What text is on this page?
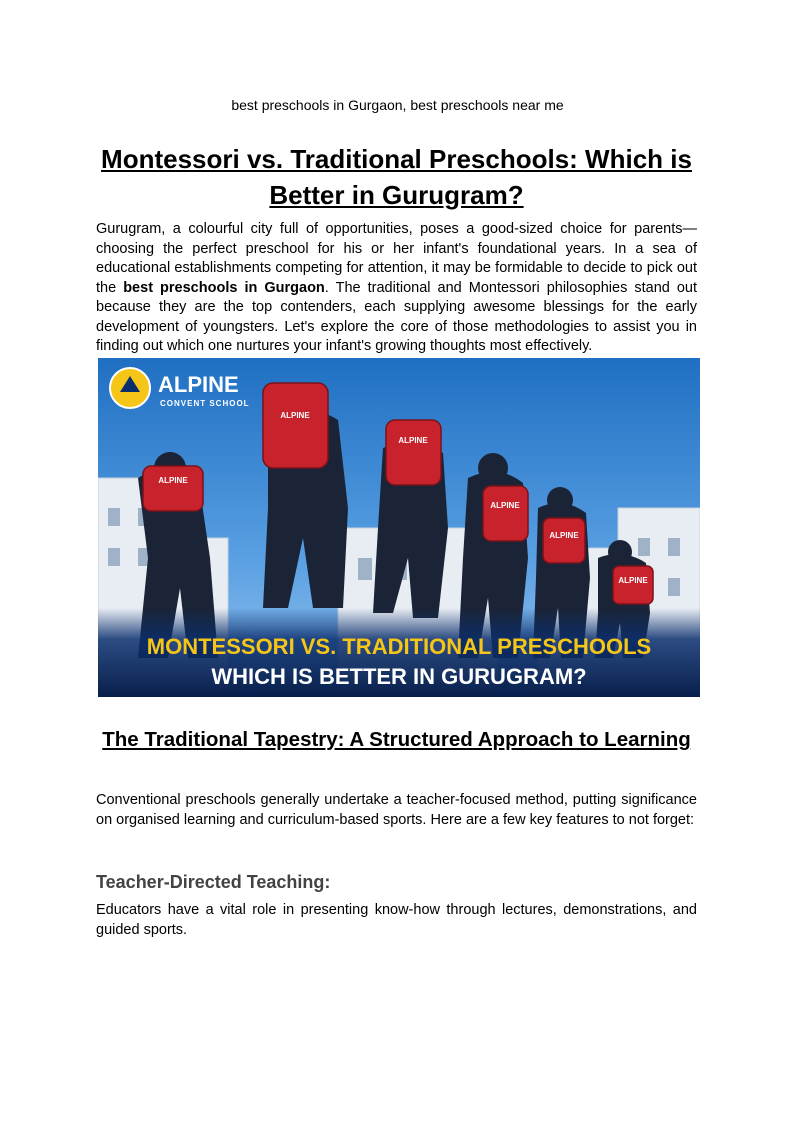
best preschools in Gurgaon, best preschools near me
Montessori vs. Traditional Preschools: Which is Better in Gurugram?

Gurugram, a colourful city full of opportunities, poses a good-sized choice for parents—choosing the perfect preschool for his or her infant's foundational years. In a sea of educational establishments competing for attention, it may be formidable to decide to pick out the best preschools in Gurgaon. The traditional and Montessori philosophies stand out because they are the top contenders, each supplying awesome blessings for the early development of youngsters. Let's explore the core of those methodologies to assist you in finding out which one nurtures your infant's growing thoughts most effectively.

ALPINE
ALPINE
ALPINE
ALPINE
ALPINE
ALPINE
ALPINE
CONVENT SCHOOL
MONTESSORI VS. TRADITIONAL PRESCHOOLS
WHICH IS BETTER IN GURUGRAM?
The Traditional Tapestry: A Structured Approach to Learning

Conventional preschools generally undertake a teacher-focused method, putting significance on organised learning and curriculum-based sports. Here are a few key features to not forget:

Teacher-Directed Teaching:

Educators have a vital role in presenting know-how through lectures, demonstrations, and guided sports.
